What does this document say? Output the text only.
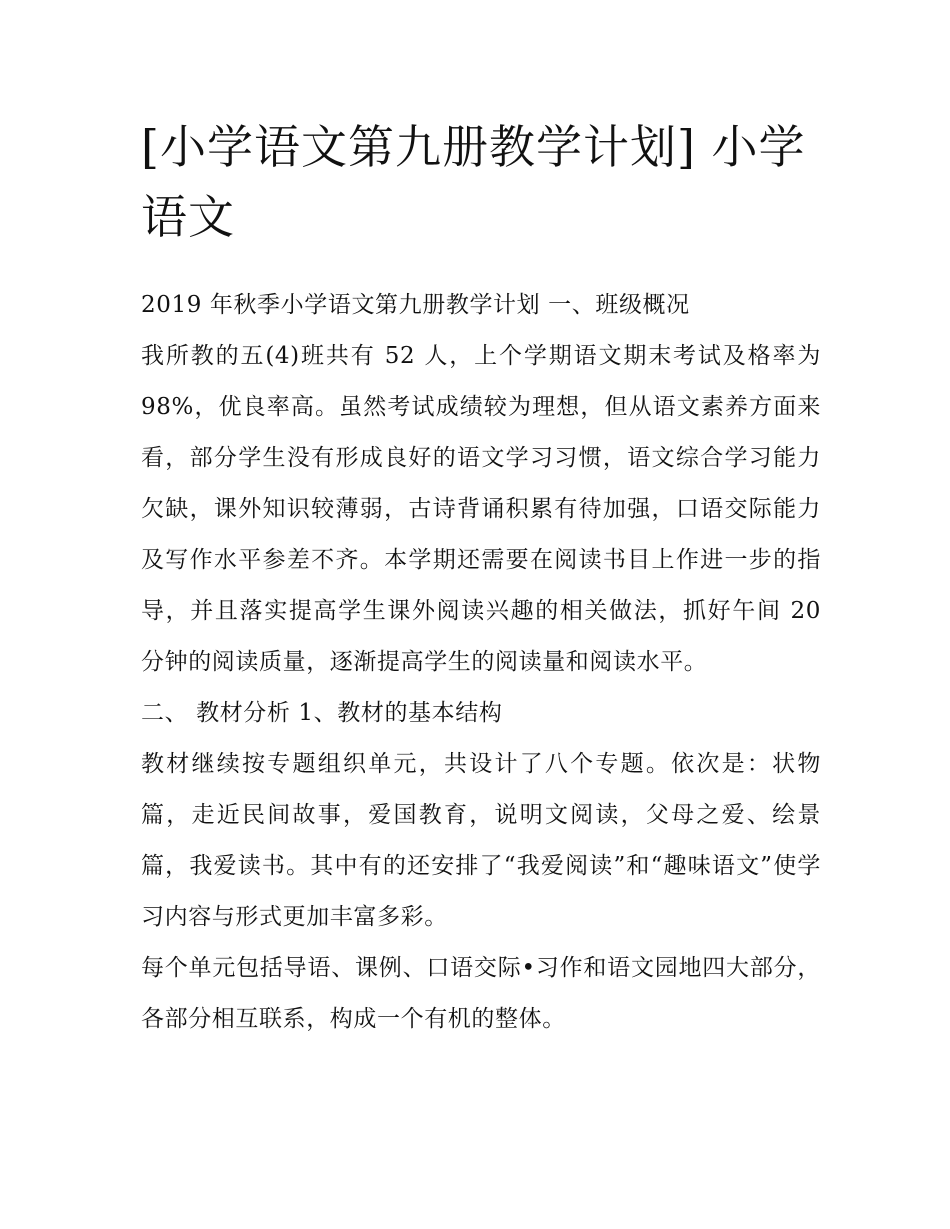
[小学语文第九册教学计划] 小学语文

2019 年秋季小学语文第九册教学计划 一、班级概况

我所教的五(4)班共有 52 人，上个学期语文期末考试及格率为 98%，优良率高。虽然考试成绩较为理想，但从语文素养方面来看，部分学生没有形成良好的语文学习习惯，语文综合学习能力欠缺，课外知识较薄弱，古诗背诵积累有待加强，口语交际能力及写作水平参差不齐。本学期还需要在阅读书目上作进一步的指导，并且落实提高学生课外阅读兴趣的相关做法，抓好午间 20 分钟的阅读质量，逐渐提高学生的阅读量和阅读水平。

二、 教材分析 1、教材的基本结构

教材继续按专题组织单元，共设计了八个专题。依次是：状物篇，走近民间故事，爱国教育，说明文阅读，父母之爱、绘景篇，我爱读书。其中有的还安排了“我爱阅读”和“趣味语文”使学习内容与形式更加丰富多彩。

每个单元包括导语、课例、口语交际•习作和语文园地四大部分，各部分相互联系，构成一个有机的整体。
